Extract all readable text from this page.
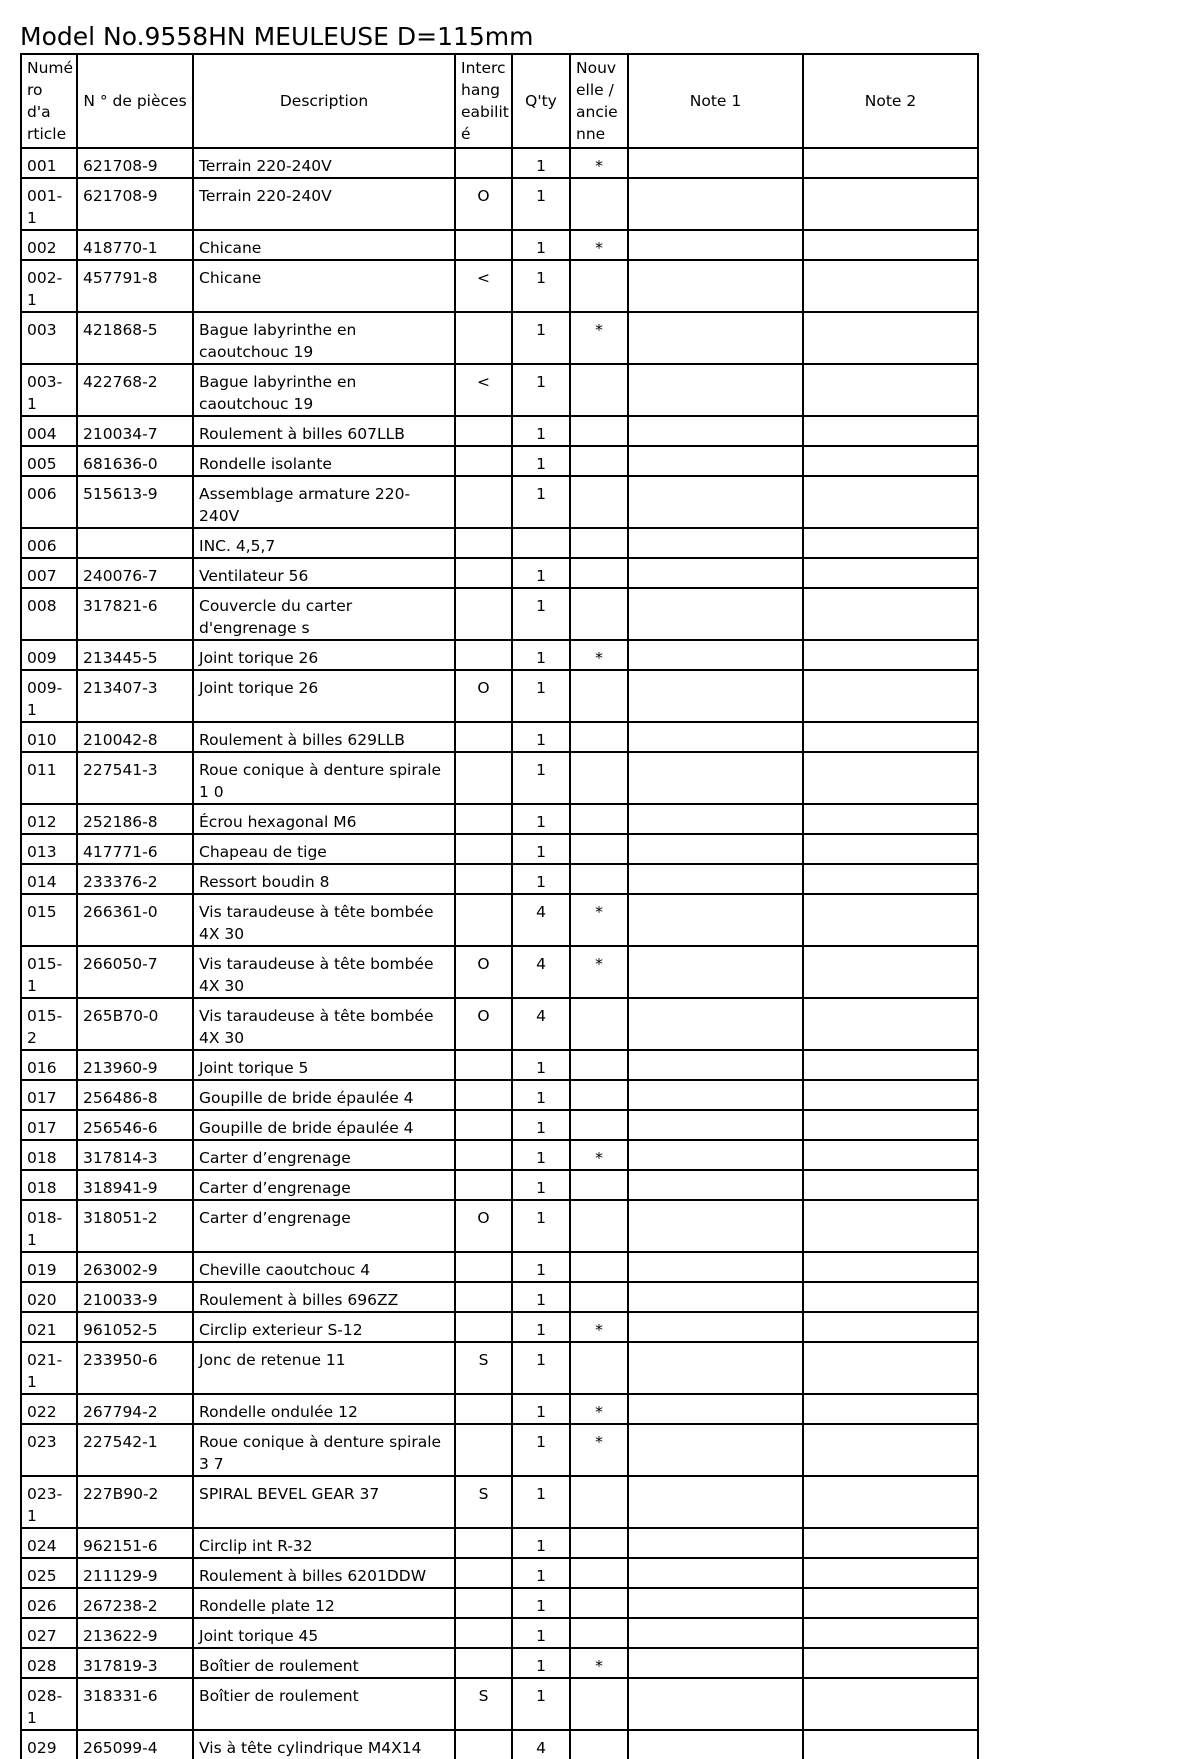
Model No.9558HN MEULEUSE D=115mm
Numé ro d'a rticle	N ° de pièces	Description	Interc hang eabilit é	Q'ty	Nouv elle / ancie nne	Note 1	Note 2
001	621708-9	Terrain 220-240V		1	*		
001-1	621708-9	Terrain 220-240V	O	1			
002	418770-1	Chicane		1	*		
002-1	457791-8	Chicane	<	1			
003	421868-5	Bague labyrinthe en caoutchouc 19		1	*		
003-1	422768-2	Bague labyrinthe en caoutchouc 19	<	1			
004	210034-7	Roulement à billes 607LLB		1			
005	681636-0	Rondelle isolante		1			
006	515613-9	Assemblage armature 220-240V		1			
006		INC. 4,5,7					
007	240076-7	Ventilateur 56		1			
008	317821-6	Couvercle du carter d'engrenage s		1			
009	213445-5	Joint torique 26		1	*		
009-1	213407-3	Joint torique 26	O	1			
010	210042-8	Roulement à billes 629LLB		1			
011	227541-3	Roue conique à denture spirale 1 0		1			
012	252186-8	Écrou hexagonal M6		1			
013	417771-6	Chapeau de tige		1			
014	233376-2	Ressort boudin 8		1			
015	266361-0	Vis taraudeuse à tête bombée 4X 30		4	*		
015-1	266050-7	Vis taraudeuse à tête bombée 4X 30	O	4	*		
015-2	265B70-0	Vis taraudeuse à tête bombée 4X 30	O	4			
016	213960-9	Joint torique 5		1			
017	256486-8	Goupille de bride épaulée 4		1			
017	256546-6	Goupille de bride épaulée 4		1			
018	317814-3	Carter d’engrenage		1	*		
018	318941-9	Carter d’engrenage		1			
018-1	318051-2	Carter d’engrenage	O	1			
019	263002-9	Cheville caoutchouc 4		1			
020	210033-9	Roulement à billes 696ZZ		1			
021	961052-5	Circlip exterieur S-12		1	*		
021-1	233950-6	Jonc de retenue 11	S	1			
022	267794-2	Rondelle ondulée 12		1	*		
023	227542-1	Roue conique à denture spirale 3 7		1	*		
023-1	227B90-2	SPIRAL BEVEL GEAR 37	S	1			
024	962151-6	Circlip int R-32		1			
025	211129-9	Roulement à billes 6201DDW		1			
026	267238-2	Rondelle plate 12		1			
027	213622-9	Joint torique 45		1			
028	317819-3	Boîtier de roulement		1	*		
028-1	318331-6	Boîtier de roulement	S	1			
029	265099-4	Vis à tête cylindrique M4X14		4			
